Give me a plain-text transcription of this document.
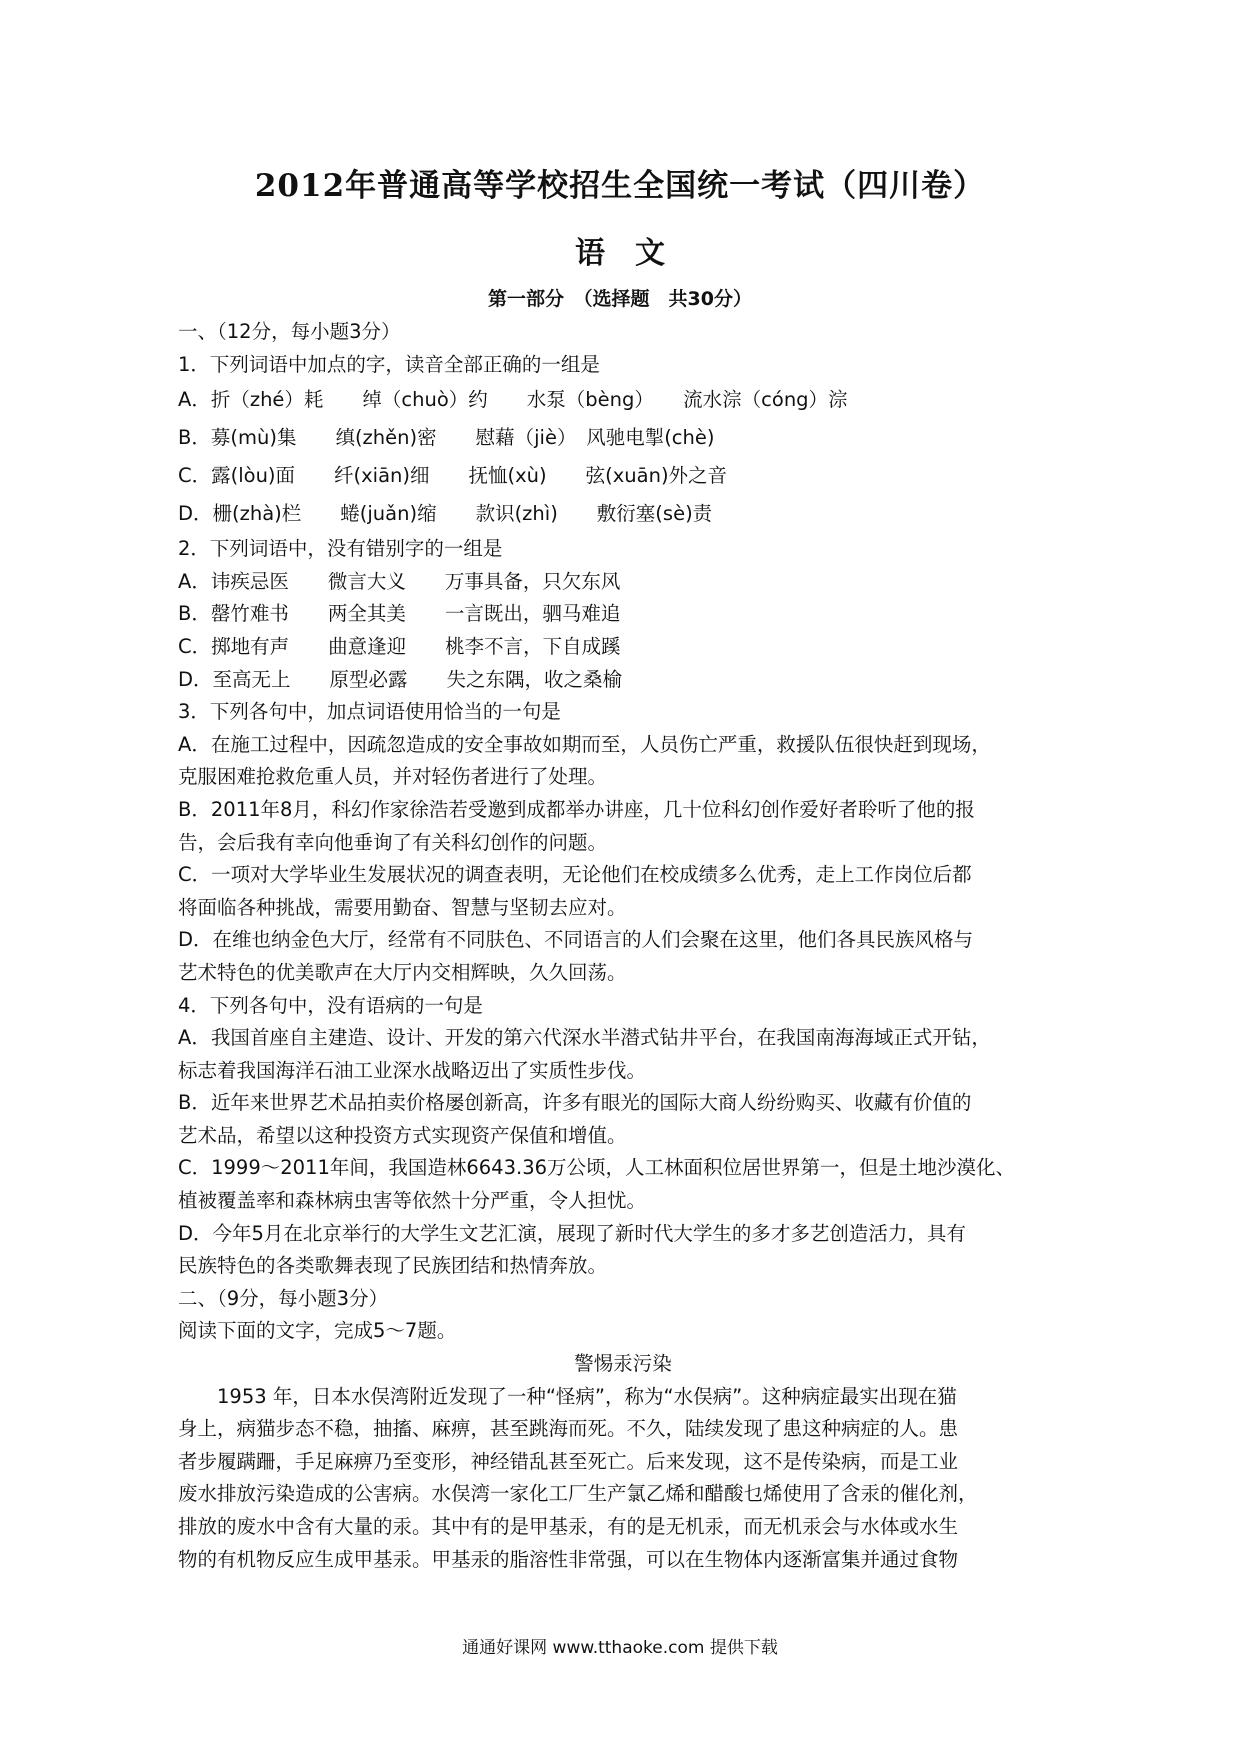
2012年普通高等学校招生全国统一考试（四川卷）
语　文
第一部分　（选择题　共30分）
一、（12分，每小题3分）
1．下列词语中加点的字，读音全部正确的一组是
A．折（zhé）耗　　绰（chuò）约　　水泵（bèng）　　流水淙（cóng）淙
B．募(mù)集　　缜(zhěn)密　　慰藉（jiè）　风驰电掣(chè)
C．露(lòu)面　　纤(xiān)细　　抚恤(xù)　　弦(xuān)外之音
D．栅(zhà)栏　　蜷(juǎn)缩　　款识(zhì)　　敷衍塞(sè)责
2．下列词语中，没有错别字的一组是
A．讳疾忌医　　微言大义　　万事具备，只欠东风
B．罄竹难书　　两全其美　　一言既出，驷马难追
C．掷地有声　　曲意逢迎　　桃李不言，下自成蹊
D．至高无上　　原型必露　　失之东隅，收之桑榆
3．下列各句中，加点词语使用恰当的一句是
A．在施工过程中，因疏忽造成的安全事故如期而至，人员伤亡严重，救援队伍很快赶到现场，
克服困难抢救危重人员，并对轻伤者进行了处理。
B．2011年8月，科幻作家徐浩若受邀到成都举办讲座，几十位科幻创作爱好者聆听了他的报
告，会后我有幸向他垂询了有关科幻创作的问题。
C．一项对大学毕业生发展状况的调查表明，无论他们在校成绩多么优秀，走上工作岗位后都
将面临各种挑战，需要用勤奋、智慧与坚韧去应对。
D．在维也纳金色大厅，经常有不同肤色、不同语言的人们会聚在这里，他们各具民族风格与
艺术特色的优美歌声在大厅内交相辉映，久久回荡。
4．下列各句中，没有语病的一句是
A．我国首座自主建造、设计、开发的第六代深水半潜式钻井平台，在我国南海海域正式开钻，
标志着我国海洋石油工业深水战略迈出了实质性步伐。
B．近年来世界艺术品拍卖价格屡创新高，许多有眼光的国际大商人纷纷购买、收藏有价值的
艺术品，希望以这种投资方式实现资产保值和增值。
C．1999～2011年间，我国造林6643.36万公顷，人工林面积位居世界第一，但是土地沙漠化、
植被覆盖率和森林病虫害等依然十分严重，令人担忧。
D．今年5月在北京举行的大学生文艺汇演，展现了新时代大学生的多才多艺创造活力，具有
民族特色的各类歌舞表现了民族团结和热情奔放。
二、（9分，每小题3分）
阅读下面的文字，完成5～7题。
警惕汞污染
1953 年，日本水俣湾附近发现了一种“怪病”，称为“水俣病”。这种病症最实出现在猫
身上，病猫步态不稳，抽搐、麻痹，甚至跳海而死。不久，陆续发现了患这种病症的人。患
者步履蹒跚，手足麻痹乃至变形，神经错乱甚至死亡。后来发现，这不是传染病，而是工业
废水排放污染造成的公害病。水俣湾一家化工厂生产氯乙烯和醋酸乜烯使用了含汞的催化剂，
排放的废水中含有大量的汞。其中有的是甲基汞，有的是无机汞，而无机汞会与水体或水生
物的有机物反应生成甲基汞。甲基汞的脂溶性非常强，可以在生物体内逐渐富集并通过食物
通通好课网 www.tthaoke.com 提供下载
